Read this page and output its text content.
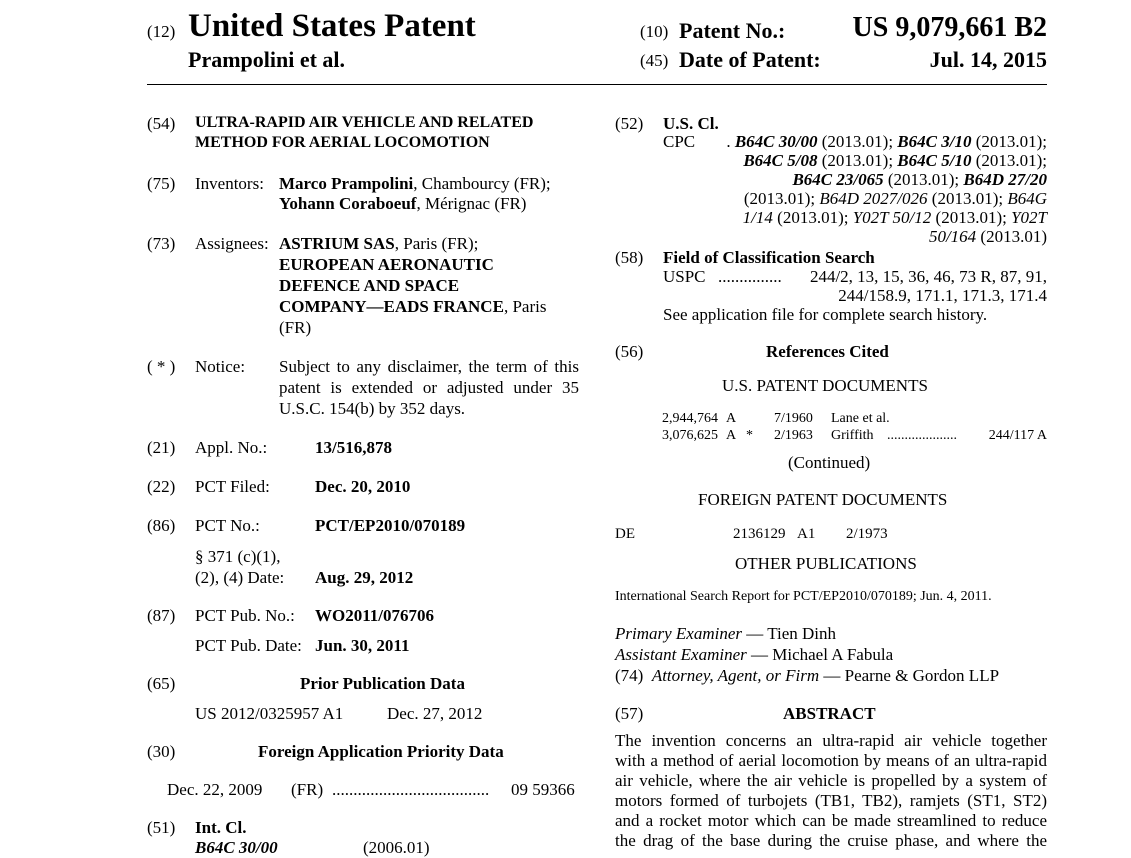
(12) United States Patent
Prampolini et al.
(10) Patent No.:	US 9,079,661 B2
(45) Date of Patent:	Jul. 14, 2015
(54) ULTRA-RAPID AIR VEHICLE AND RELATED
METHOD FOR AERIAL LOCOMOTION
(75) Inventors: Marco Prampolini, Chambourcy (FR);
Yohann Coraboeuf, Mérignac (FR)
(73) Assignees: ASTRIUM SAS, Paris (FR);
EUROPEAN AERONAUTIC
DEFENCE AND SPACE
COMPANY—EADS FRANCE, Paris
(FR)
( * ) Notice: Subject to any disclaimer, the term of this
patent is extended or adjusted under 35
U.S.C. 154(b) by 352 days.
(21) Appl. No.:	13/516,878
(22) PCT Filed:	Dec. 20, 2010
(86) PCT No.:	PCT/EP2010/070189
§ 371 (c)(1),
(2), (4) Date: Aug. 29, 2012
(87) PCT Pub. No.: WO2011/076706
PCT Pub. Date: Jun. 30, 2011
(65)	Prior Publication Data
US 2012/0325957 A1	Dec. 27, 2012
(30)	Foreign Application Priority Data
Dec. 22, 2009 (FR) ..................................... 09 59366
(51) Int. Cl.
B64C 30/00	(2006.01)
(52) U.S. Cl.
CPC	. B64C 30/00 (2013.01); B64C 3/10 (2013.01);
B64C 5/08 (2013.01); B64C 5/10 (2013.01);
B64C 23/065 (2013.01); B64D 27/20
(2013.01); B64D 2027/026 (2013.01); B64G
1/14 (2013.01); Y02T 50/12 (2013.01); Y02T
50/164 (2013.01)
(58) Field of Classification Search
USPC ...............	244/2, 13, 15, 36, 46, 73 R, 87, 91,
244/158.9, 171.1, 171.3, 171.4
See application file for complete search history.
(56)	References Cited
U.S. PATENT DOCUMENTS
2,944,764 A	7/1960 Lane et al.
3,076,625 A * 2/1963 Griffith ....................	244/117 A
(Continued)
FOREIGN PATENT DOCUMENTS
DE	2136129 A1 2/1973
OTHER PUBLICATIONS
International Search Report for PCT/EP2010/070189; Jun. 4, 2011.
Primary Examiner — Tien Dinh
Assistant Examiner — Michael A Fabula
(74) Attorney, Agent, or Firm — Pearne & Gordon LLP
(57)	ABSTRACT
The invention concerns an ultra-rapid air vehicle together
with a method of aerial locomotion by means of an ultra-rapid
air vehicle, where the air vehicle is propelled by a system of
motors formed of turbojets (TB1, TB2), ramjets (ST1, ST2)
and a rocket motor which can be made streamlined to reduce
the drag of the base during the cruise phase, and where the
